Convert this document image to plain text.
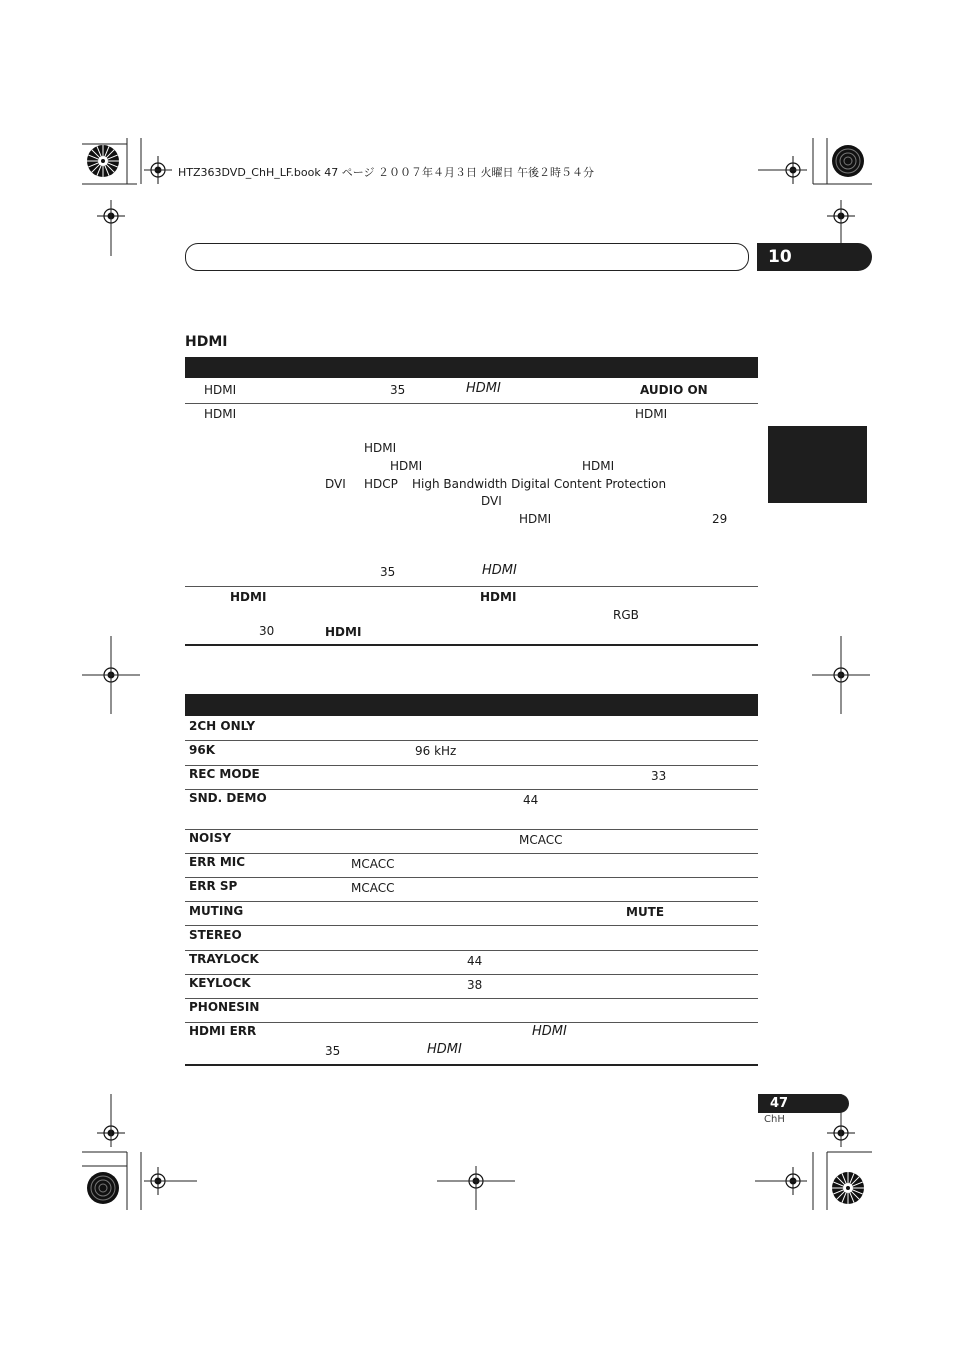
HTZ363DVD_ChH_LF.book 47 ページ ２００７年４月３日 火曜日 午後２時５４分
10
HDMI
HDMI	35	HDMI	AUDIO ON
HDMI	HDMI
HDMI
HDMI	HDMI
DVI HDCP High Bandwidth Digital Content Protection
DVI
HDMI	29
35	HDMI
HDMI	HDMI
RGB
30	HDMI
2CH ONLY
96K	96 kHz
REC MODE	33
SND. DEMO	44
NOISY	MCACC
ERR MIC	MCACC
ERR SP	MCACC
MUTING	MUTE
STEREO
TRAYLOCK	44
KEYLOCK	38
PHONESIN
HDMI ERR	HDMI
35	HDMI
47
ChH
